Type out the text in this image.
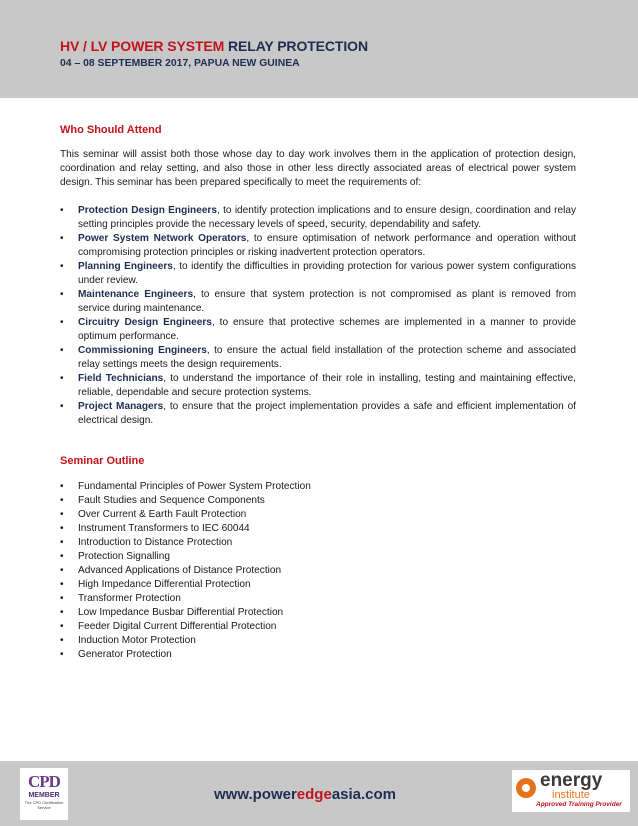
HV / LV POWER SYSTEM RELAY PROTECTION
04 – 08 SEPTEMBER 2017, PAPUA NEW GUINEA
Who Should Attend
This seminar will assist both those whose day to day work involves them in the application of protection design, coordination and relay setting, and also those in other less directly associated areas of electrical power system design. This seminar has been prepared specifically to meet the requirements of:
• Protection Design Engineers, to identify protection implications and to ensure design, coordination and relay setting principles provide the necessary levels of speed, security, dependability and safety.
• Power System Network Operators, to ensure optimisation of network performance and operation without compromising protection principles or risking inadvertent protection operators.
• Planning Engineers, to identify the difficulties in providing protection for various power system configurations under review.
• Maintenance Engineers, to ensure that system protection is not compromised as plant is removed from service during maintenance.
• Circuitry Design Engineers, to ensure that protective schemes are implemented in a manner to provide optimum performance.
• Commissioning Engineers, to ensure the actual field installation of the protection scheme and associated relay settings meets the design requirements.
• Field Technicians, to understand the importance of their role in installing, testing and maintaining effective, reliable, dependable and secure protection systems.
• Project Managers, to ensure that the project implementation provides a safe and efficient implementation of electrical design.
Seminar Outline
• Fundamental Principles of Power System Protection
• Fault Studies and Sequence Components
• Over Current & Earth Fault Protection
• Instrument Transformers to IEC 60044
• Introduction to Distance Protection
• Protection Signalling
• Advanced Applications of Distance Protection
• High Impedance Differential Protection
• Transformer Protection
• Low Impedance Busbar Differential Protection
• Feeder Digital Current Differential Protection
• Induction Motor Protection
• Generator Protection
CPD
MEMBER
The CPD Certification Service
www.poweredgeasia.com
energy
institute
Approved Training Provider
